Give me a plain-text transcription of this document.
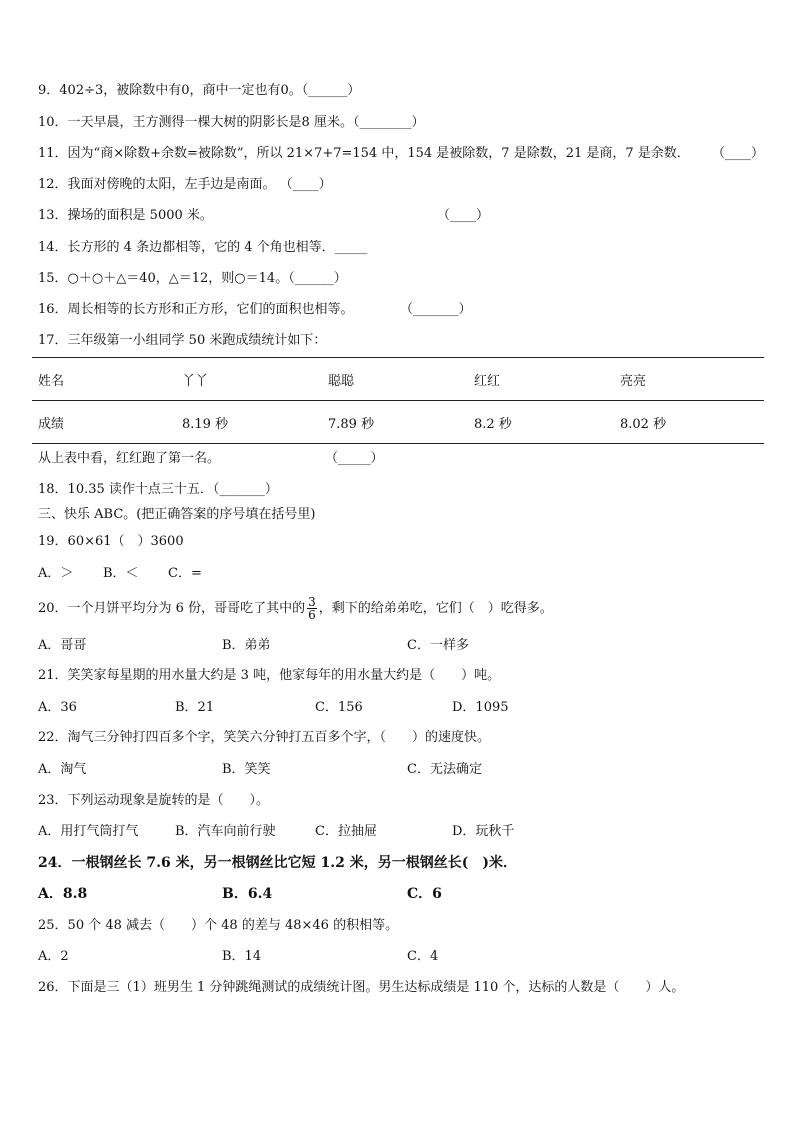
9．402÷3，被除数中有0，商中一定也有0。（______）
10．一天早晨，王方测得一棵大树的阴影长是8 厘米。（________）
11．因为“商×除数+余数=被除数”，所以 21×7+7=154 中，154 是被除数，7 是除数，21 是商，7 是余数． （____）
12．我面对傍晚的太阳，左手边是南面。 （____）
13．操场的面积是 5000 米。	（____）
14．长方形的 4 条边都相等，它的 4 个角也相等．_____
15．○＋○＋△＝40，△＝12，则○＝14。（______）
16．周长相等的长方形和正方形，它们的面积也相等。	（_______）
17．三年级第一小组同学 50 米跑成绩统计如下：
姓名	丫丫	聪聪	红红	亮亮
成绩	8.19 秒	7.89 秒	8.2 秒	8.02 秒
从上表中看，红红跑了第一名。	（_____）
18．10.35 读作十点三十五．（_______）
三、快乐 ABC。(把正确答案的序号填在括号里)
19．60×61（　）3600
A．＞ B．＜ C．=
20．一个月饼平均分为 6 份，哥哥吃了其中的 $\frac{3}{6}$ ，剩下的给弟弟吃，它们（　）吃得多。
A．哥哥	B．弟弟	C．一样多
21．笑笑家每星期的用水量大约是 3 吨，他家每年的用水量大约是（　　）吨。
A．36	B．21	C．156	D．1095
22．淘气三分钟打四百多个字，笑笑六分钟打五百多个字，（　　）的速度快。
A．淘气	B．笑笑	C．无法确定
23．下列运动现象是旋转的是（　　）。
A．用打气筒打气	B．汽车向前行驶	C．拉抽屉	D．玩秋千
24．一根钢丝长 7.6 米，另一根钢丝比它短 1.2 米，另一根钢丝长(　)米．
A．8.8	B．6.4	C．6
25．50 个 48 减去（　　）个 48 的差与 48×46 的积相等。
A．2	B．14	C．4
26．下面是三（1）班男生 1 分钟跳绳测试的成绩统计图。男生达标成绩是 110 个，达标的人数是（　　）人。
